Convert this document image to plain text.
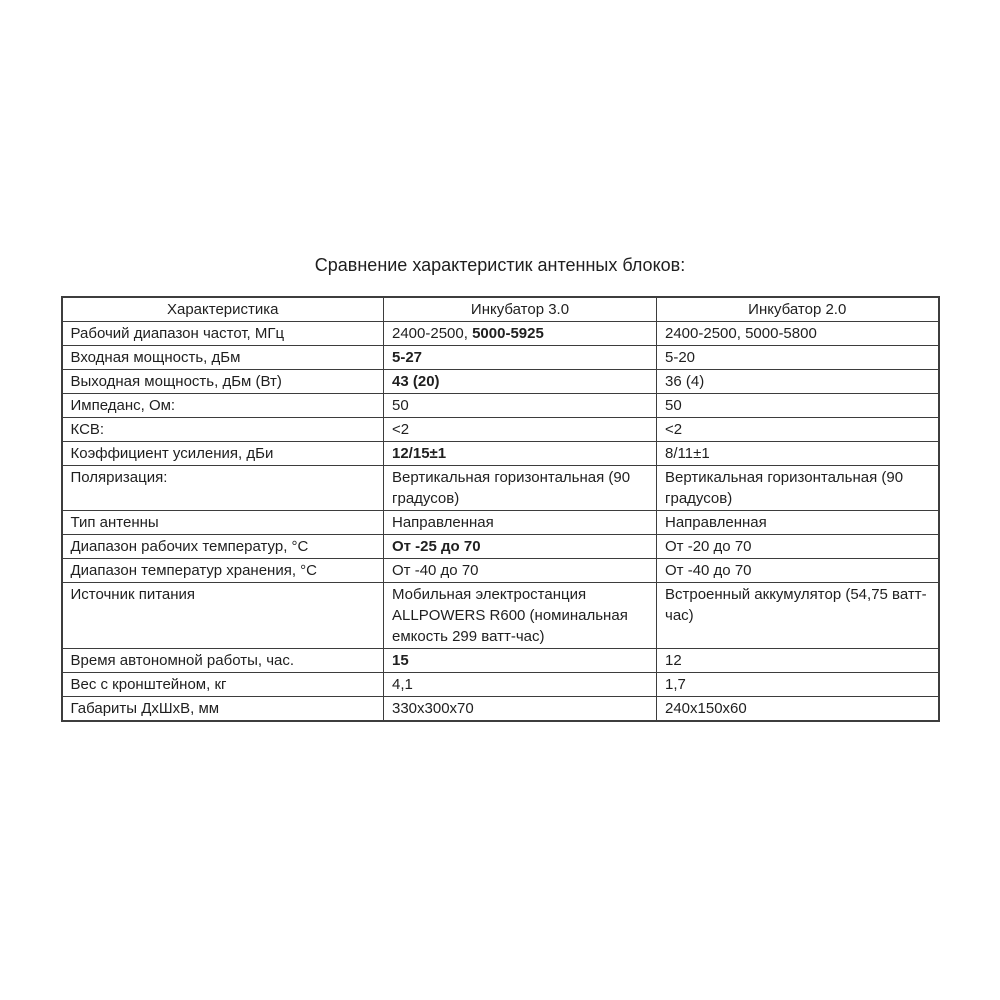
Сравнение характеристик антенных блоков:
Характеристика	Инкубатор 3.0	Инкубатор 2.0
Рабочий диапазон частот, МГц	2400-2500, 5000-5925	2400-2500, 5000-5800
Входная мощность, дБм	5-27	5-20
Выходная мощность, дБм (Вт)	43 (20)	36 (4)
Импеданс, Ом:	50	50
КСВ:	<2	<2
Коэффициент усиления, дБи	12/15±1	8/11±1
Поляризация:	Вертикальная горизонтальная (90 градусов)	Вертикальная горизонтальная (90 градусов)
Тип антенны	Направленная	Направленная
Диапазон рабочих температур, °C	От -25 до 70	От -20 до 70
Диапазон температур хранения, °C	От -40 до 70	От -40 до 70
Источник питания	Мобильная электростанция ALLPOWERS R600 (номинальная емкость 299 ватт-час)	Встроенный аккумулятор (54,75 ватт-час)
Время автономной работы, час.	15	12
Вес с кронштейном, кг	4,1	1,7
Габариты ДхШхВ, мм	330x300x70	240x150x60
